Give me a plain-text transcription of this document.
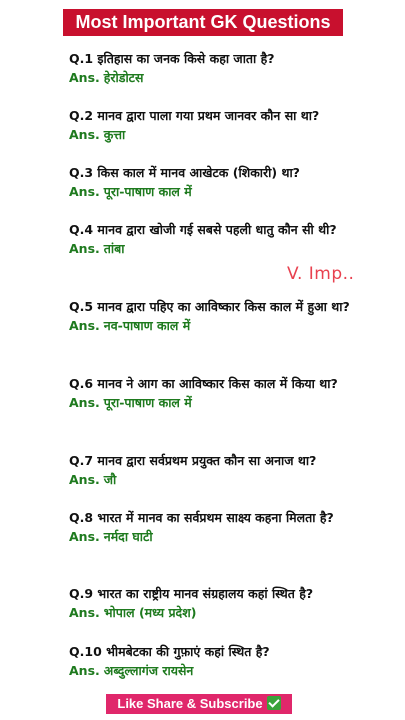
Most Important GK Questions
Q.1 इतिहास का जनक किसे कहा जाता है?
Ans. हेरोडोटस
Q.2 मानव द्वारा पाला गया प्रथम जानवर कौन सा था?
Ans. कुत्ता
Q.3 किस काल में मानव आखेटक (शिकारी) था?
Ans. पूरा-पाषाण काल में
Q.4 मानव द्वारा खोजी गई सबसे पहली धातु कौन सी थी?
Ans. तांबा
V. Imp..
Q.5 मानव द्वारा पहिए का आविष्कार किस काल में हुआ था?
Ans. नव-पाषाण काल में
Q.6 मानव ने आग का आविष्कार किस काल में किया था?
Ans. पूरा-पाषाण काल में
Q.7 मानव द्वारा सर्वप्रथम प्रयुक्त कौन सा अनाज था?
Ans. जौ
Q.8 भारत में मानव का सर्वप्रथम साक्ष्य कहना मिलता है?
Ans. नर्मदा घाटी
Q.9 भारत का राष्ट्रीय मानव संग्रहालय कहां स्थित है?
Ans. भोपाल (मध्य प्रदेश)
Q.10 भीमबेटका की गुफ़ाएं कहां स्थित है?
Ans. अब्दुल्लागंज रायसेन
Like Share & Subscribe
